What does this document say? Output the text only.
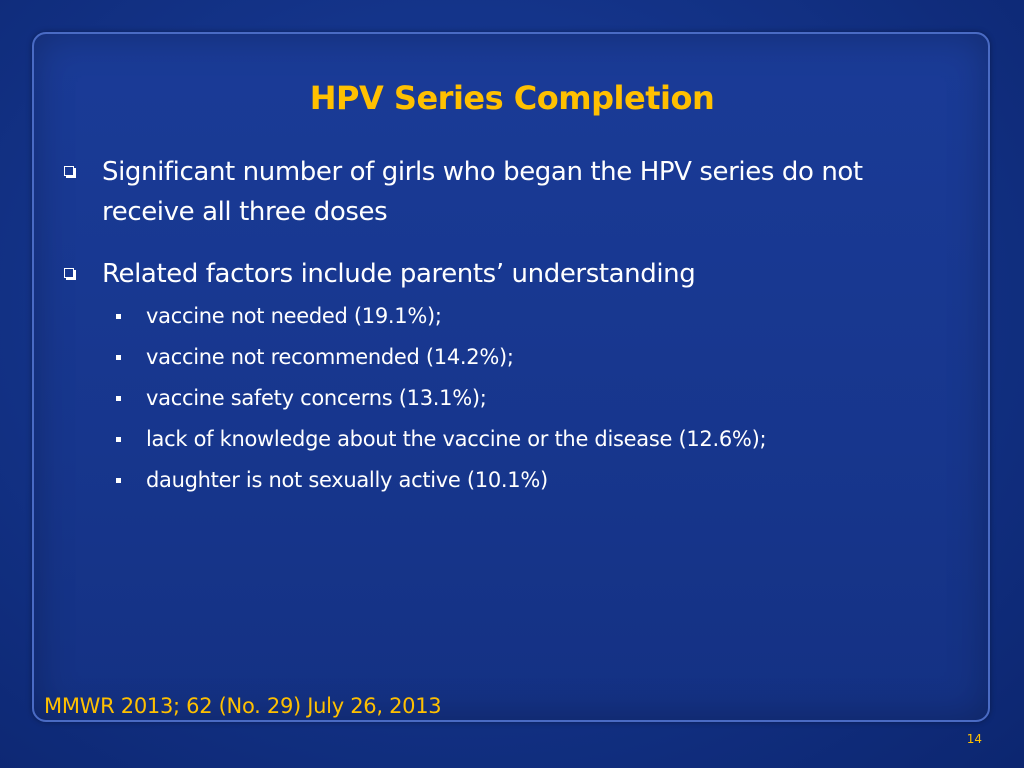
HPV Series Completion
Significant number of girls who began the HPV series do not receive all three doses
Related factors include parents’ understanding
vaccine not needed (19.1%);
vaccine not recommended (14.2%);
vaccine safety concerns (13.1%);
lack of knowledge about the vaccine or the disease (12.6%);
daughter is not sexually active (10.1%)
MMWR 2013; 62 (No. 29) July 26, 2013
14
